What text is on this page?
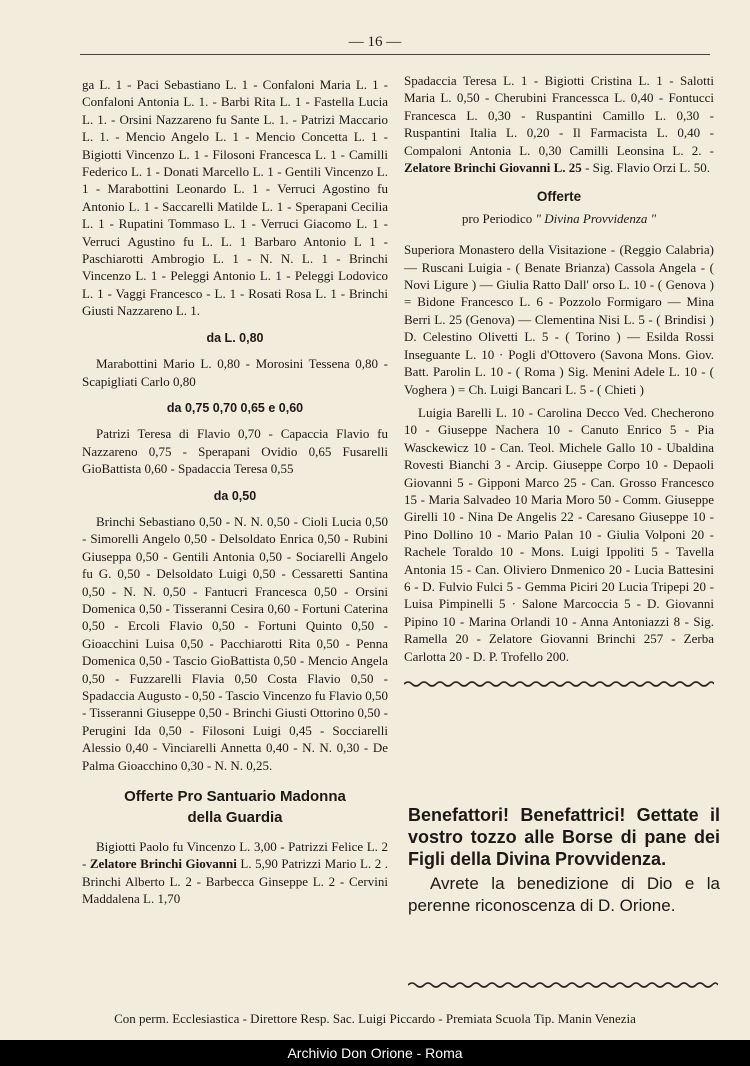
— 16 —

ga L. 1 - Paci Sebastiano L. 1 - Confaloni Maria L. 1 - Confaloni Antonia L. 1. - Barbi Rita L. 1 - Fastella Lucia L. 1. - Orsini Nazzareno fu Sante L. 1. - Patrizi Maccario L. 1. - Mencio Angelo L. 1 - Mencio Concetta L. 1 - Bigiotti Vincenzo L. 1 - Filosoni Francesca L. 1 - Camilli Federico L. 1 - Donati Marcello L. 1 - Gentili Vincenzo L. 1 - Marabottini Leonardo L. 1 - Verruci Agostino fu Antonio L. 1 - Saccarelli Matilde L. 1 - Sperapani Cecilia L. 1 - Rupatini Tommaso L. 1 - Verruci Giacomo L. 1 - Verruci Agustino fu L. L. 1 Barbaro Antonio L 1 - Paschiarotti Ambrogio L. 1 - N. N. L. 1 - Brinchi Vincenzo L. 1 - Peleggi Antonio L. 1 - Peleggi Lodovico L. 1 - Vaggi Francesco - L. 1 - Rosati Rosa L. 1 - Brinchi Giusti Nazzareno L. 1.

da L. 0,80

Marabottini Mario L. 0,80 - Morosini Tessena 0,80 - Scapigliati Carlo 0,80

da 0,75 0,70 0,65 e 0,60

Patrizi Teresa di Flavio 0,70 - Capaccia Flavio fu Nazzareno 0,75 - Sperapani Ovidio 0,65 Fusarelli GioBattista 0,60 - Spadaccia Teresa 0,55

da 0,50

Brinchi Sebastiano 0,50 - N. N. 0,50 - Cioli Lucia 0,50 - Simorelli Angelo 0,50 - Delsoldato Enrica 0,50 - Rubini Giuseppa 0,50 - Gentili Antonia 0,50 - Sociarelli Angelo fu G. 0,50 - Delsoldato Luigi 0,50 - Cessaretti Santina 0,50 - N. N. 0,50 - Fantucri Francesca 0,50 - Orsini Domenica 0,50 - Tisseranni Cesira 0,60 - Fortuni Caterina 0,50 - Ercoli Flavio 0,50 - Fortuni Quinto 0,50 - Gioacchini Luisa 0,50 - Pacchiarotti Rita 0,50 - Penna Domenica 0,50 - Tascio GioBattista 0,50 - Mencio Angela 0,50 - Fuzzarelli Flavia 0,50 Costa Flavio 0,50 - Spadaccia Augusto - 0,50 - Tascio Vincenzo fu Flavio 0,50 - Tisseranni Giuseppe 0,50 - Brinchi Giusti Ottorino 0,50 - Perugini Ida 0,50 - Filosoni Luigi 0,45 - Socciarelli Alessio 0,40 - Vinciarelli Annetta 0,40 - N. N. 0,30 - De Palma Gioacchino 0,30 - N. N. 0,25.

Offerte Pro Santuario Madonna
della Guardia

Bigiotti Paolo fu Vincenzo L. 3,00 - Patrizzi Felice L. 2 - Zelatore Brinchi Giovanni L. 5,90 Patrizzi Mario L. 2 . Brinchi Alberto L. 2 - Barbecca Ginseppe L. 2 - Cervini Maddalena L. 1,70

Spadaccia Teresa L. 1 - Bigiotti Cristina L. 1 - Salotti Maria L. 0,50 - Cherubini Francessca L. 0,40 - Fontucci Francesca L. 0,30 - Ruspantini Camillo L. 0,30 - Ruspantini Italia L. 0,20 - Il Farmacista L. 0,40 - Compaloni Antonia L. 0,30 Camilli Leonsina L. 2. - Zelatore Brinchi Giovanni L. 25 - Sig. Flavio Orzi L. 50.

Offerte
pro Periodico " Divina Provvidenza "

Superiora Monastero della Visitazione - (Reggio Calabria) — Ruscani Luigia - ( Benate Brianza) Cassola Angela - ( Novi Ligure ) — Giulia Ratto Dall' orso L. 10 - ( Genova ) = Bidone Francesco L. 6 - Pozzolo Formigaro — Mina Berri L. 25 (Genova) — Clementina Nisi L. 5 - ( Brindisi ) D. Celestino Olivetti L. 5 - ( Torino ) — Esilda Rossi Inseguante L. 10 · Pogli d'Ottovero (Savona Mons. Giov. Batt. Parolin L. 10 - ( Roma ) Sig. Menini Adele L. 10 - ( Voghera ) = Ch. Luigi Bancari L. 5 - ( Chieti )

Luigia Barelli L. 10 - Carolina Decco Ved. Checherono 10 - Giuseppe Nachera 10 - Canuto Enrico 5 - Pia Wasckewicz 10 - Can. Teol. Michele Gallo 10 - Ubaldina Rovesti Bianchi 3 - Arcip. Giuseppe Corpo 10 - Depaoli Giovanni 5 - Gipponi Marco 25 - Can. Grosso Francesco 15 - Maria Salvadeo 10 Maria Moro 50 - Comm. Giuseppe Girelli 10 - Nina De Angelis 22 - Caresano Giuseppe 10 - Pino Dollino 10 - Mario Palan 10 - Giulia Volponi 20 - Rachele Toraldo 10 - Mons. Luigi Ippoliti 5 - Tavella Antonia 15 - Can. Oliviero Dnmenico 20 - Lucia Battesini 6 - D. Fulvio Fulci 5 - Gemma Piciri 20 Lucia Tripepi 20 - Luisa Pimpinelli 5 · Salone Marcoccia 5 - D. Giovanni Pipino 10 - Marina Orlandi 10 - Anna Antoniazzi 8 - Sig. Ramella 20 - Zelatore Giovanni Brinchi 257 - Zerba Carlotta 20 - D. P. Trofello 200.

Benefattori! Benefattrici! Gettate il vostro tozzo alle Borse di pane dei Figli della Divina Provvidenza.

Avrete la benedizione di Dio e la perenne riconoscenza di D. Orione.

Con perm. Ecclesiastica - Direttore Resp. Sac. Luigi Piccardo - Premiata Scuola Tip. Manin Venezia
Archivio Don Orione - Roma
